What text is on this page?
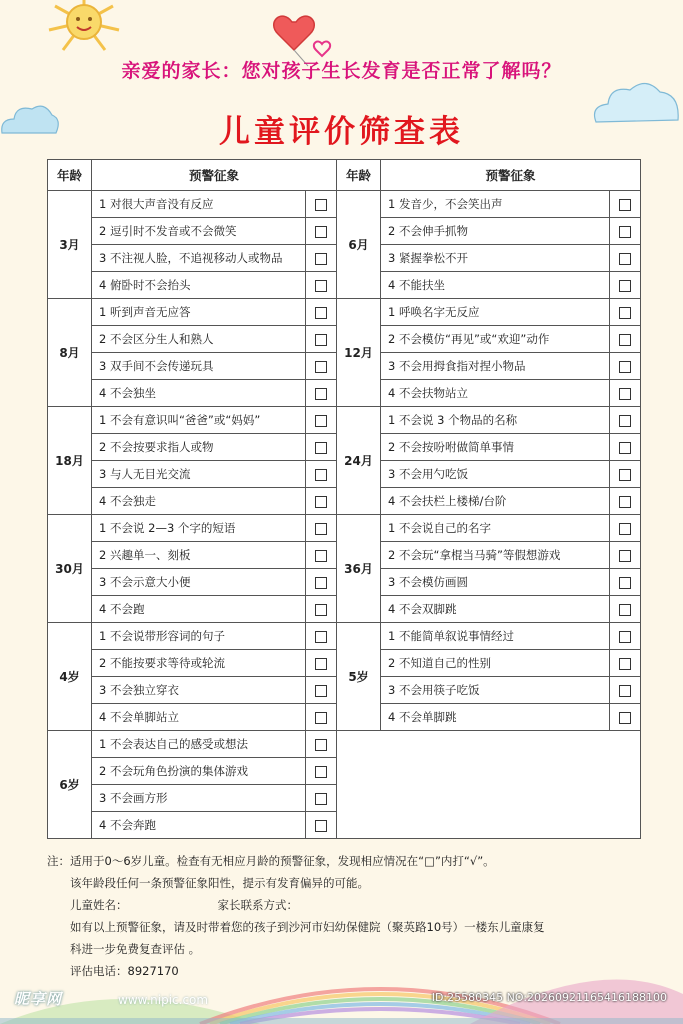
亲爱的家长：您对孩子生长发育是否正常了解吗？
儿童评价筛查表
年龄	预警征象		年龄	预警征象	
3月	1 对很大声音没有反应		6月	1 发音少，不会笑出声	
	2 逗引时不发音或不会微笑			2 不会伸手抓物	
	3 不注视人脸，不追视移动人或物品			3 紧握拳松不开	
	4 俯卧时不会抬头			4 不能扶坐	
8月	1 听到声音无应答		12月	1 呼唤名字无反应	
	2 不会区分生人和熟人			2 不会模仿“再见”或“欢迎”动作	
	3 双手间不会传递玩具			3 不会用拇食指对捏小物品	
	4 不会独坐			4 不会扶物站立	
18月	1 不会有意识叫“爸爸”或“妈妈”		24月	1 不会说 3 个物品的名称	
	2 不会按要求指人或物			2 不会按吩咐做简单事情	
	3 与人无目光交流			3 不会用勺吃饭	
	4 不会独走			4 不会扶栏上楼梯/台阶	
30月	1 不会说 2—3 个字的短语		36月	1 不会说自己的名字	
	2 兴趣单一、刻板			2 不会玩“拿棍当马骑”等假想游戏	
	3 不会示意大小便			3 不会模仿画圆	
	4 不会跑			4 不会双脚跳	
4岁	1 不会说带形容词的句子		5岁	1 不能简单叙说事情经过	
	2 不能按要求等待或轮流			2 不知道自己的性别	
	3 不会独立穿衣			3 不会用筷子吃饭	
	4 不会单脚站立			4 不会单脚跳	
6岁	1 不会表达自己的感受或想法				
	2 不会玩角色扮演的集体游戏				
	3 不会画方形				
	4 不会奔跑				
注：适用于0～6岁儿童。检查有无相应月龄的预警征象，发现相应情况在“□”内打“√”。
该年龄段任何一条预警征象阳性，提示有发育偏异的可能。
儿童姓名：	家长联系方式：
如有以上预警征象，请及时带着您的孩子到沙河市妇幼保健院（聚英路10号）一楼东儿童康复
科进一步免费复查评估 。
评估电话：8927170
昵享网	www.nipic.com	ID:25580345 NO:20260921165416188100
